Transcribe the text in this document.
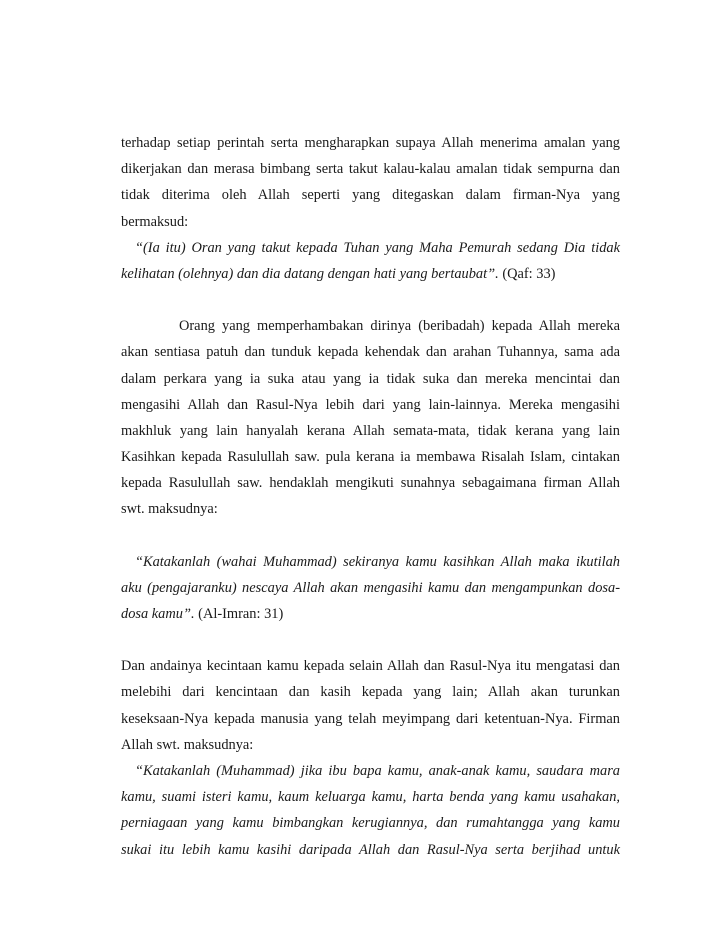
terhadap setiap perintah serta mengharapkan supaya Allah menerima amalan yang
dikerjakan dan merasa bimbang serta takut kalau-kalau amalan tidak sempurna dan
tidak diterima oleh Allah seperti yang ditegaskan dalam firman-Nya yang
bermaksud:
“(Ia itu) Oran yang takut kepada Tuhan yang Maha Pemurah sedang Dia tidak
kelihatan (olehnya) dan dia datang dengan hati yang bertaubat”. (Qaf: 33)
Orang yang memperhambakan dirinya (beribadah) kepada Allah mereka
akan sentiasa patuh dan tunduk kepada kehendak dan arahan Tuhannya, sama ada
dalam perkara yang ia suka atau yang ia tidak suka dan mereka mencintai dan
mengasihi Allah dan Rasul-Nya lebih dari yang lain-lainnya. Mereka mengasihi
makhluk yang lain hanyalah kerana Allah semata-mata, tidak kerana yang lain
Kasihkan kepada Rasulullah saw. pula kerana ia membawa Risalah Islam, cintakan
kepada Rasulullah saw. hendaklah mengikuti sunahnya sebagaimana firman Allah
swt. maksudnya:
“Katakanlah (wahai Muhammad) sekiranya kamu kasihkan Allah maka ikutilah
aku (pengajaranku) nescaya Allah akan mengasihi kamu dan mengampunkan dosa-
dosa kamu”. (Al-Imran: 31)
Dan andainya kecintaan kamu kepada selain Allah dan Rasul-Nya itu mengatasi dan
melebihi dari kencintaan dan kasih kepada yang lain; Allah akan turunkan
keseksaan-Nya kepada manusia yang telah meyimpang dari ketentuan-Nya. Firman
Allah swt. maksudnya:
“Katakanlah (Muhammad) jika ibu bapa kamu, anak-anak kamu, saudara mara
kamu, suami isteri kamu, kaum keluarga kamu, harta benda yang kamu usahakan,
perniagaan yang kamu bimbangkan kerugiannya, dan rumahtangga yang kamu
sukai itu lebih kamu kasihi daripada Allah dan Rasul-Nya serta berjihad untuk
